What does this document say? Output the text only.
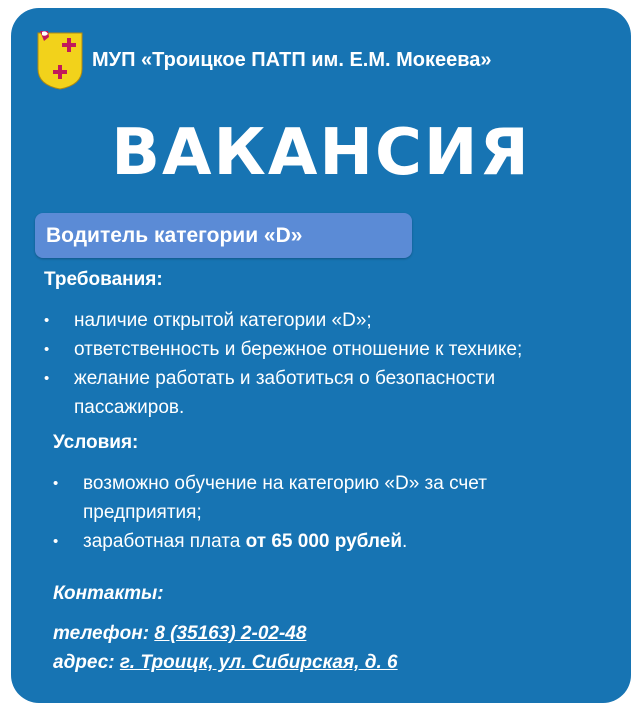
МУП «Троицкое ПАТП им. Е.М. Мокеева»
ВАКАНСИЯ
Водитель категории «D»
Требования:
• наличие открытой категории «D»;
• ответственность и бережное отношение к технике;
• желание работать и заботиться о безопасности пассажиров.
Условия:
• возможно обучение на категорию «D» за счет предприятия;
• заработная плата от 65 000 рублей.
Контакты:
телефон: 8 (35163) 2-02-48
адрес: г. Троицк, ул. Сибирская, д. 6
